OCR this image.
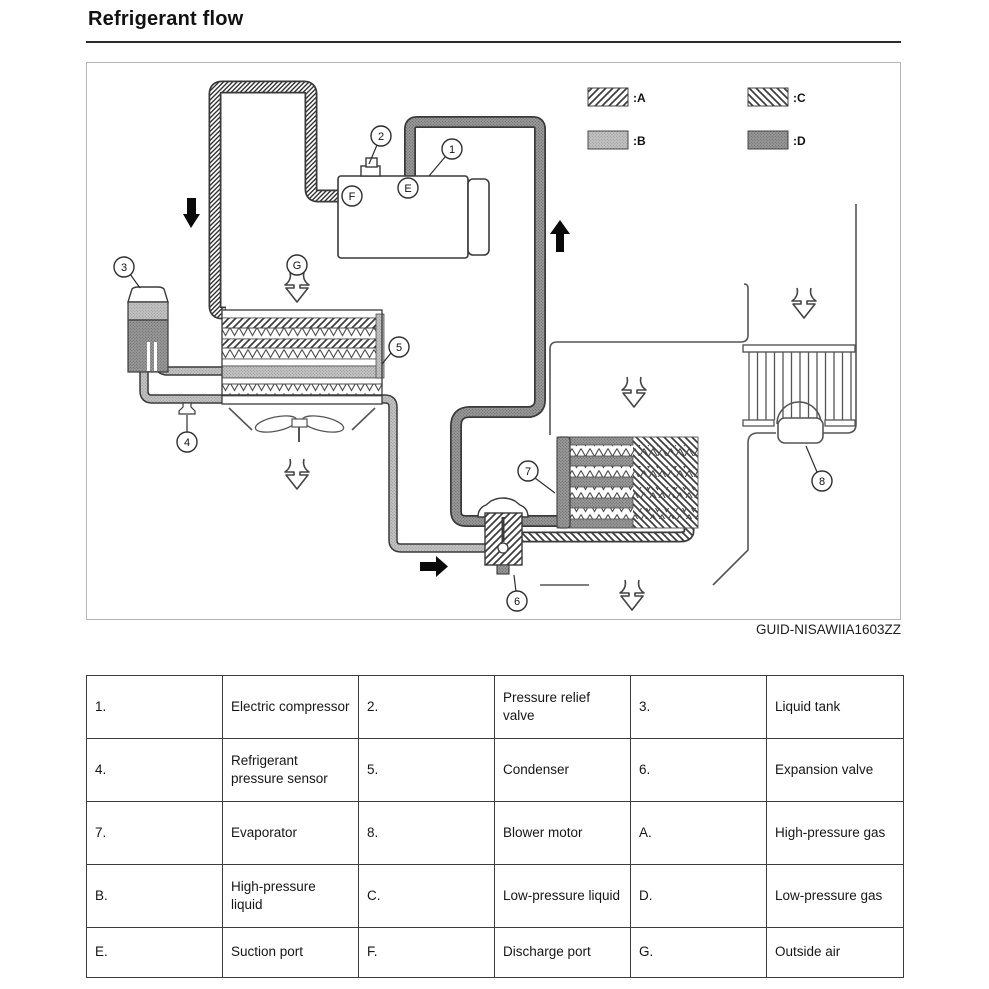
Refrigerant flow
:A	:C
:B	:D
1
2
3
4
5
6
7
8
E
F
G
GUID-NISAWIIA1603ZZ
1.	Electric compressor	2.	Pressure relief valve	3.	Liquid tank
4.	Refrigerant pressure sensor	5.	Condenser	6.	Expansion valve
7.	Evaporator	8.	Blower motor	A.	High-pressure gas
B.	High-pressure liquid	C.	Low-pressure liquid	D.	Low-pressure gas
E.	Suction port	F.	Discharge port	G.	Outside air
